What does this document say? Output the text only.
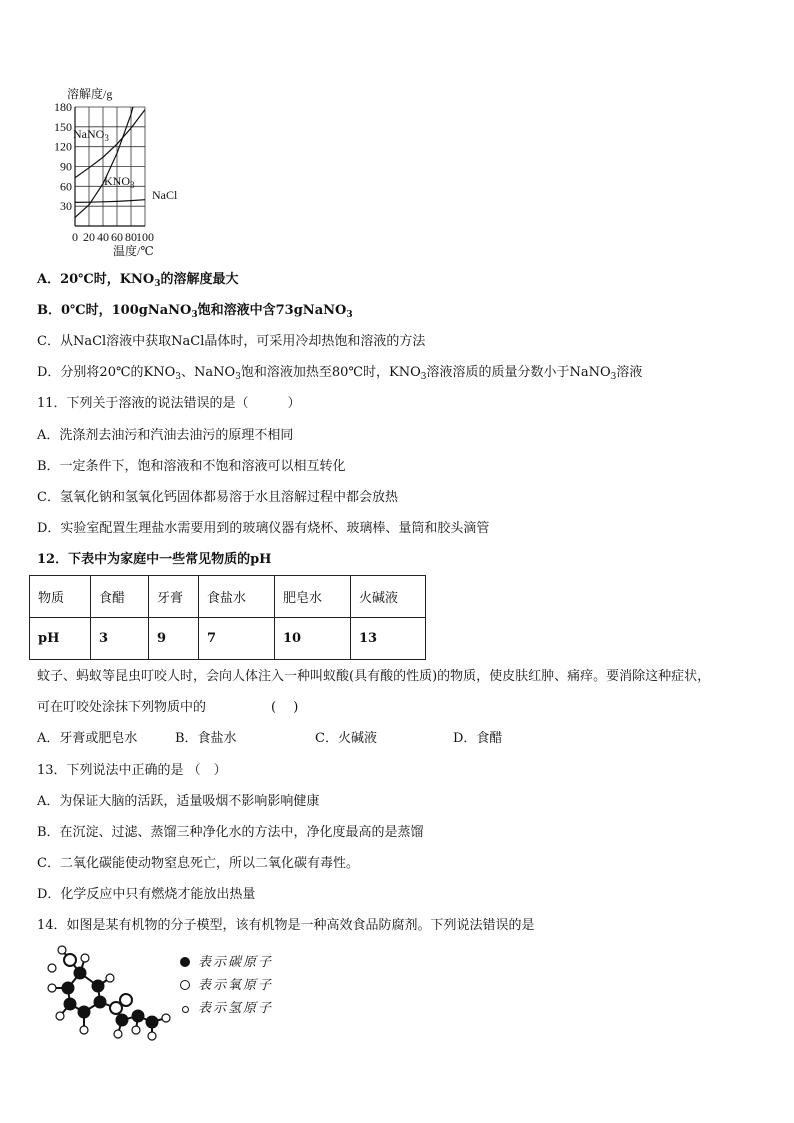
溶解度/g
30
60
90
120
150
180
0 20 40 60 80 100
NaNO$_3$
$KNO_3$
NaCl
温度/℃
A．20℃时，$KNO_3$的溶解度最大
B．0℃时，100gNaNO$_3$饱和溶液中含73gNaNO$_3$
C．从NaCl溶液中获取NaCl晶体时，可采用冷却热饱和溶液的方法
D．分别将20℃的$KNO_3$、NaNO$_3$饱和溶液加热至80℃时，$KNO_3$溶液溶质的质量分数小于NaNO$_3$溶液
11．下列关于溶液的说法错误的是（　　　）
A．洗涤剂去油污和汽油去油污的原理不相同
B．一定条件下，饱和溶液和不饱和溶液可以相互转化
C．氢氧化钠和氢氧化钙固体都易溶于水且溶解过程中都会放热
D．实验室配置生理盐水需要用到的玻璃仪器有烧杯、玻璃棒、量筒和胶头滴管
12．下表中为家庭中一些常见物质的pH
物质	食醋	牙膏	食盐水	肥皂水	火碱液
pH	3	9	7	10	13
蚊子、蚂蚁等昆虫叮咬人时，会向人体注入一种叫蚁酸(具有酸的性质)的物质，使皮肤红肿、痛痒。要消除这种症状，
可在叮咬处涂抹下列物质中的　　　　　(　 )
A．牙膏或肥皂水	B．食盐水	C．火碱液	D．食醋
13．下列说法中正确的是 （　）
A．为保证大脑的活跃，适量吸烟不影响影响健康
B．在沉淀、过滤、蒸馏三种净化水的方法中，净化度最高的是蒸馏
C．二氧化碳能使动物窒息死亡，所以二氧化碳有毒性。
D．化学反应中只有燃烧才能放出热量
14．如图是某有机物的分子模型，该有机物是一种高效食品防腐剂。下列说法错误的是
表示碳原子
表示氧原子
表示氢原子
